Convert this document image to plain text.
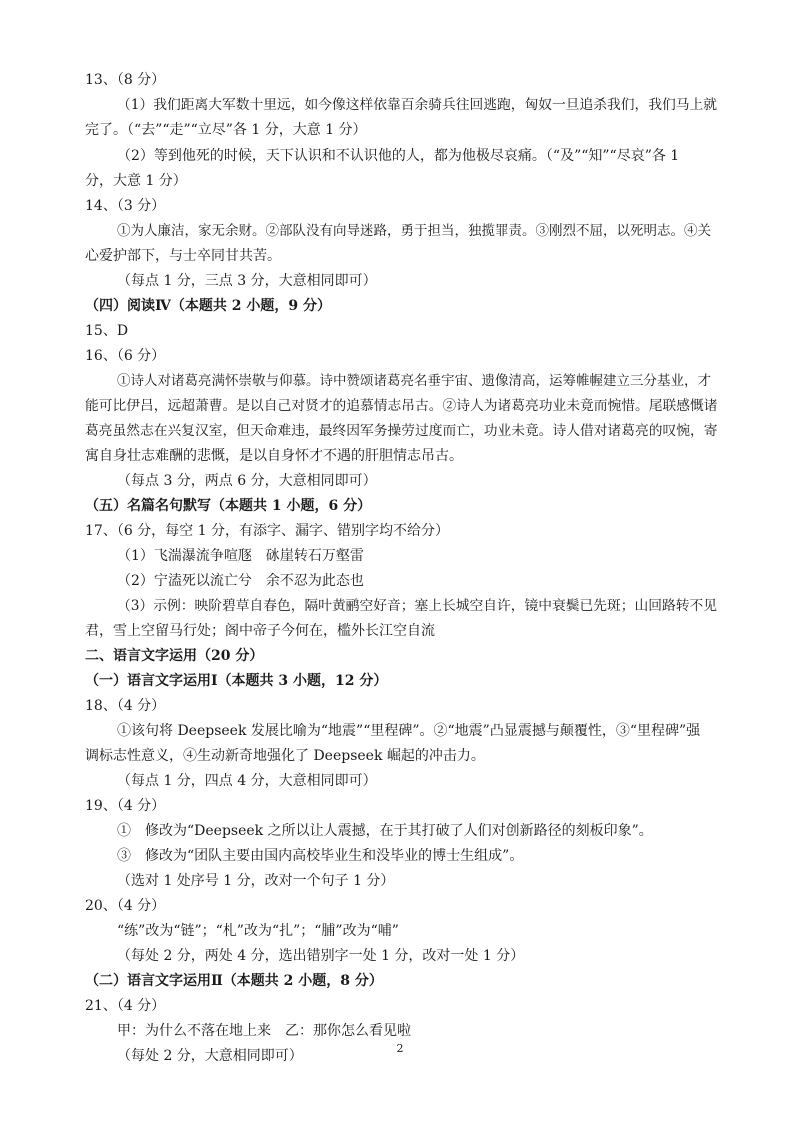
13、（8 分）
（1）我们距离大军数十里远，如今像这样依靠百余骑兵往回逃跑，匈奴一旦追杀我们，我们马上就
完了。（“去”“走”“立尽”各 1 分，大意 1 分）
（2）等到他死的时候，天下认识和不认识他的人，都为他极尽哀痛。（“及”“知”“尽哀”各 1
分，大意 1 分）
14、（3 分）
①为人廉洁，家无余财。②部队没有向导迷路，勇于担当，独揽罪责。③刚烈不屈，以死明志。④关
心爱护部下，与士卒同甘共苦。
（每点 1 分，三点 3 分，大意相同即可）
（四）阅读Ⅳ（本题共 2 小题，9 分）
15、D
16、（6 分）
①诗人对诸葛亮满怀崇敬与仰慕。诗中赞颂诸葛亮名垂宇宙、遗像清高，运筹帷幄建立三分基业，才
能可比伊吕，远超萧曹。是以自己对贤才的追慕情志吊古。②诗人为诸葛亮功业未竟而惋惜。尾联感慨诸
葛亮虽然志在兴复汉室，但天命难违，最终因军务操劳过度而亡，功业未竟。诗人借对诸葛亮的叹惋，寄
寓自身壮志难酬的悲慨，是以自身怀才不遇的肝胆情志吊古。
（每点 3 分，两点 6 分，大意相同即可）
（五）名篇名句默写（本题共 1 小题，6 分）
17、（6 分，每空 1 分，有添字、漏字、错别字均不给分）
（1）飞湍瀑流争喧豗　砯崖转石万壑雷
（2）宁溘死以流亡兮　余不忍为此态也
（3）示例：映阶碧草自春色，隔叶黄鹂空好音；塞上长城空自许，镜中衰鬓已先斑；山回路转不见
君，雪上空留马行处；阁中帝子今何在，槛外长江空自流
二、语言文字运用（20 分）
（一）语言文字运用Ⅰ（本题共 3 小题，12 分）
18、（4 分）
①该句将 Deepseek 发展比喻为“地震”“里程碑”。②“地震”凸显震撼与颠覆性，③“里程碑”强
调标志性意义，④生动新奇地强化了 Deepseek 崛起的冲击力。
（每点 1 分，四点 4 分，大意相同即可）
19、（4 分）
①　修改为“Deepseek 之所以让人震撼，在于其打破了人们对创新路径的刻板印象”。
③　修改为“团队主要由国内高校毕业生和没毕业的博士生组成”。
（选对 1 处序号 1 分，改对一个句子 1 分）
20、（4 分）
“练”改为“链”；“札”改为“扎”；“脯”改为“哺”
（每处 2 分，两处 4 分，选出错别字一处 1 分，改对一处 1 分）
（二）语言文字运用Ⅱ（本题共 2 小题，8 分）
21、（4 分）
甲：为什么不落在地上来　乙：那你怎么看见啦
（每处 2 分，大意相同即可）	2
